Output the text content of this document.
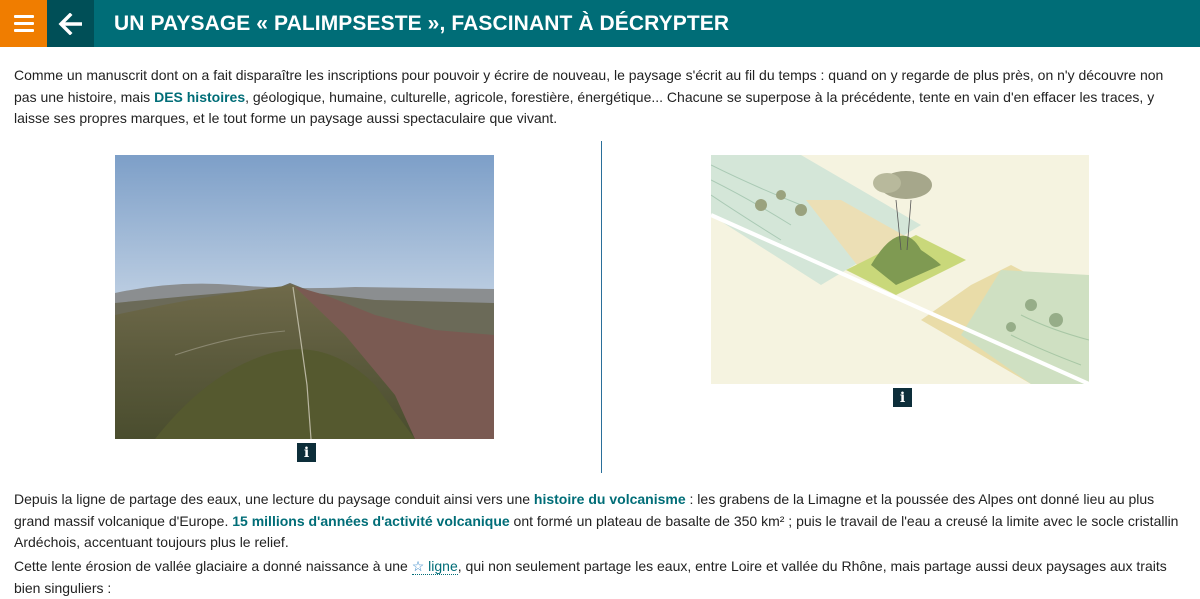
UN PAYSAGE « PALIMPSESTE », FASCINANT À DÉCRYPTER

Comme un manuscrit dont on a fait disparaître les inscriptions pour pouvoir y écrire de nouveau, le paysage s'écrit au fil du temps : quand on y regarde de plus près, on n'y découvre non pas une histoire, mais DES histoires, géologique, humaine, culturelle, agricole, forestière, énergétique... Chacune se superpose à la précédente, tente en vain d'en effacer les traces, y laisse ses propres marques, et le tout forme un paysage aussi spectaculaire que vivant.

i
i

Depuis la ligne de partage des eaux, une lecture du paysage conduit ainsi vers une histoire du volcanisme : les grabens de la Limagne et la poussée des Alpes ont donné lieu au plus grand massif volcanique d'Europe. 15 millions d'années d'activité volcanique ont formé un plateau de basalte de 350 km² ; puis le travail de l'eau a creusé la limite avec le socle cristallin Ardéchois, accentuant toujours plus le relief.

Cette lente érosion de vallée glaciaire a donné naissance à une ☆ ligne, qui non seulement partage les eaux, entre Loire et vallée du Rhône, mais partage aussi deux paysages aux traits bien singuliers :
